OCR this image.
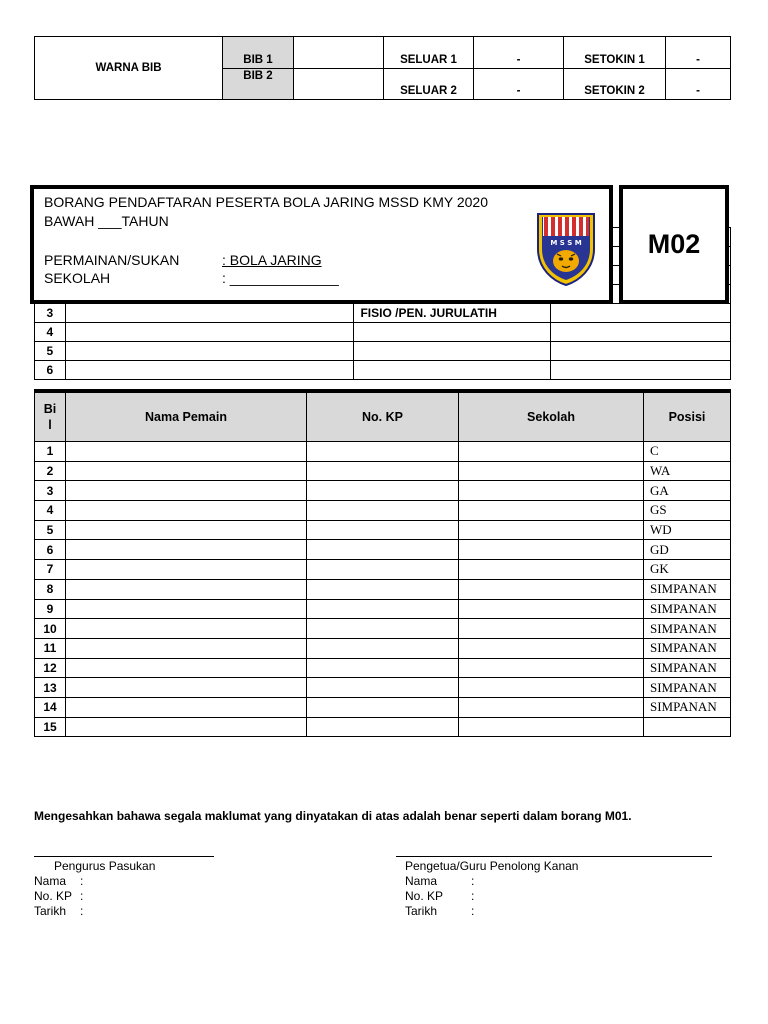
WARNA BIB	BIB 1		SELUAR 1	-	SETOKIN 1	-
	BIB 2		SELUAR 2	-	SETOKIN 2	-

3		FISIO /PEN. JURULATIH	
4			
5			
6			
BORANG PENDAFTARAN PESERTA BOLA JARING MSSD KMY 2020
BAWAH ___TAHUN
PERMAINAN/SUKAN	: BOLA JARING
SEKOLAH	: ______________
M S S M	M02
Bi
l	Nama Pemain	No. KP	Sekolah	Posisi
1				C
2				WA
3				GA
4				GS
5				WD
6				GD
7				GK
8				SIMPANAN
9				SIMPANAN
10				SIMPANAN
11				SIMPANAN
12				SIMPANAN
13				SIMPANAN
14				SIMPANAN
15				
Mengesahkan bahawa segala maklumat yang dinyatakan di atas adalah benar seperti dalam borang M01.
Pengurus Pasukan
Nama :
No. KP :
Tarikh :
Pengetua/Guru Penolong Kanan
Nama	:
No. KP :
Tarikh	:
